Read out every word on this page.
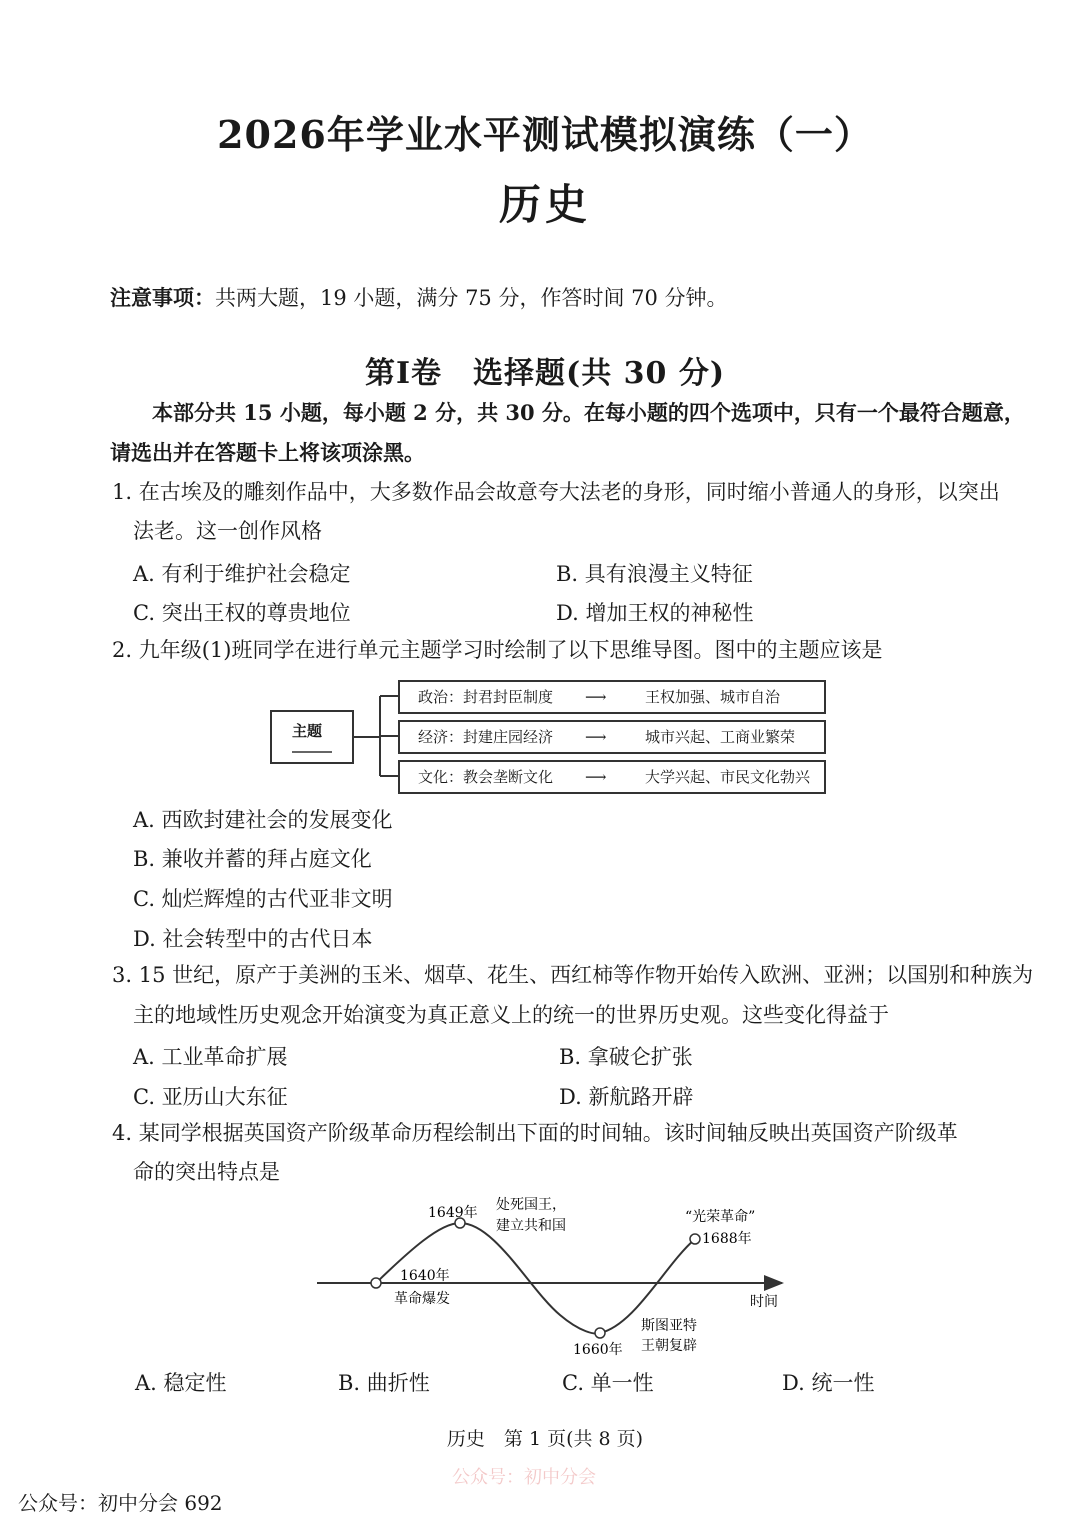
2026年学业水平测试模拟演练（一）
历史
注意事项：共两大题，19 小题，满分 75 分，作答时间 70 分钟。
第Ⅰ卷　选择题(共 30 分)
本部分共 15 小题，每小题 2 分，共 30 分。在每小题的四个选项中，只有一个最符合题意，
请选出并在答题卡上将该项涂黑。
1. 在古埃及的雕刻作品中，大多数作品会故意夸大法老的身形，同时缩小普通人的身形，以突出
法老。这一创作风格
A. 有利于维护社会稳定	B. 具有浪漫主义特征
C. 突出王权的尊贵地位	D. 增加王权的神秘性
2. 九年级(1)班同学在进行单元主题学习时绘制了以下思维导图。图中的主题应该是
主题
政治：封君封臣制度 ⟶	王权加强、城市自治
经济：封建庄园经济 ⟶	城市兴起、工商业繁荣
文化：教会垄断文化 ⟶	大学兴起、市民文化勃兴
A. 西欧封建社会的发展变化
B. 兼收并蓄的拜占庭文化
C. 灿烂辉煌的古代亚非文明
D. 社会转型中的古代日本
3. 15 世纪，原产于美洲的玉米、烟草、花生、西红柿等作物开始传入欧洲、亚洲；以国别和种族为
主的地域性历史观念开始演变为真正意义上的统一的世界历史观。这些变化得益于
A. 工业革命扩展	B. 拿破仑扩张
C. 亚历山大东征	D. 新航路开辟
4. 某同学根据英国资产阶级革命历程绘制出下面的时间轴。该时间轴反映出英国资产阶级革
命的突出特点是
时间
1640年
革命爆发
1649年 处死国王，
建立共和国
1660年
斯图亚特
王朝复辟
“光荣革命”
1688年
A. 稳定性	B. 曲折性	C. 单一性	D. 统一性
历史　第 1 页(共 8 页)
公众号：初中分会
公众号：初中分会 692
